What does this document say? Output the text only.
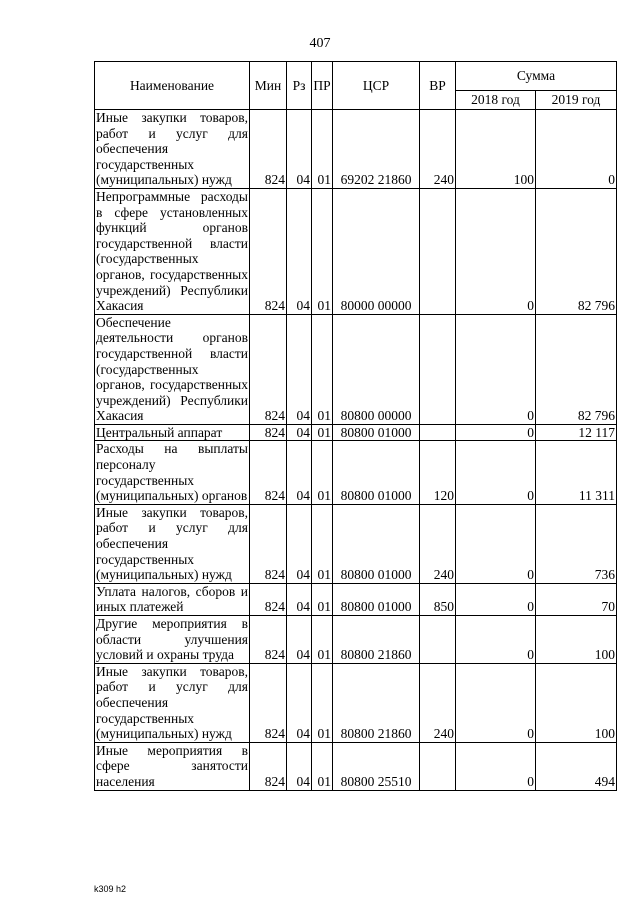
407
Наименование	Мин	Рз	ПР	ЦСР	ВР	Сумма	
						2018 год	2019 год
Иные закупки товаров, работ и услуг для обеспечения государственных (муниципальных) нужд	824	04	01	69202 21860	240	100	0
Непрограммные расходы в сфере установленных функций органов государственной власти (государственных органов, государственных учреждений) Республики Хакасия	824	04	01	80000 00000		0	82 796
Обеспечение деятельности органов государственной власти (государственных органов, государственных учреждений) Республики Хакасия	824	04	01	80800 00000		0	82 796
Центральный аппарат	824	04	01	80800 01000		0	12 117
Расходы на выплаты персоналу государственных (муниципальных) органов	824	04	01	80800 01000	120	0	11 311
Иные закупки товаров, работ и услуг для обеспечения государственных (муниципальных) нужд	824	04	01	80800 01000	240	0	736
Уплата налогов, сборов и иных платежей	824	04	01	80800 01000	850	0	70
Другие мероприятия в области улучшения условий и охраны труда	824	04	01	80800 21860		0	100
Иные закупки товаров, работ и услуг для обеспечения государственных (муниципальных) нужд	824	04	01	80800 21860	240	0	100
Иные мероприятия в сфере занятости населения	824	04	01	80800 25510		0	494
k309 h2
